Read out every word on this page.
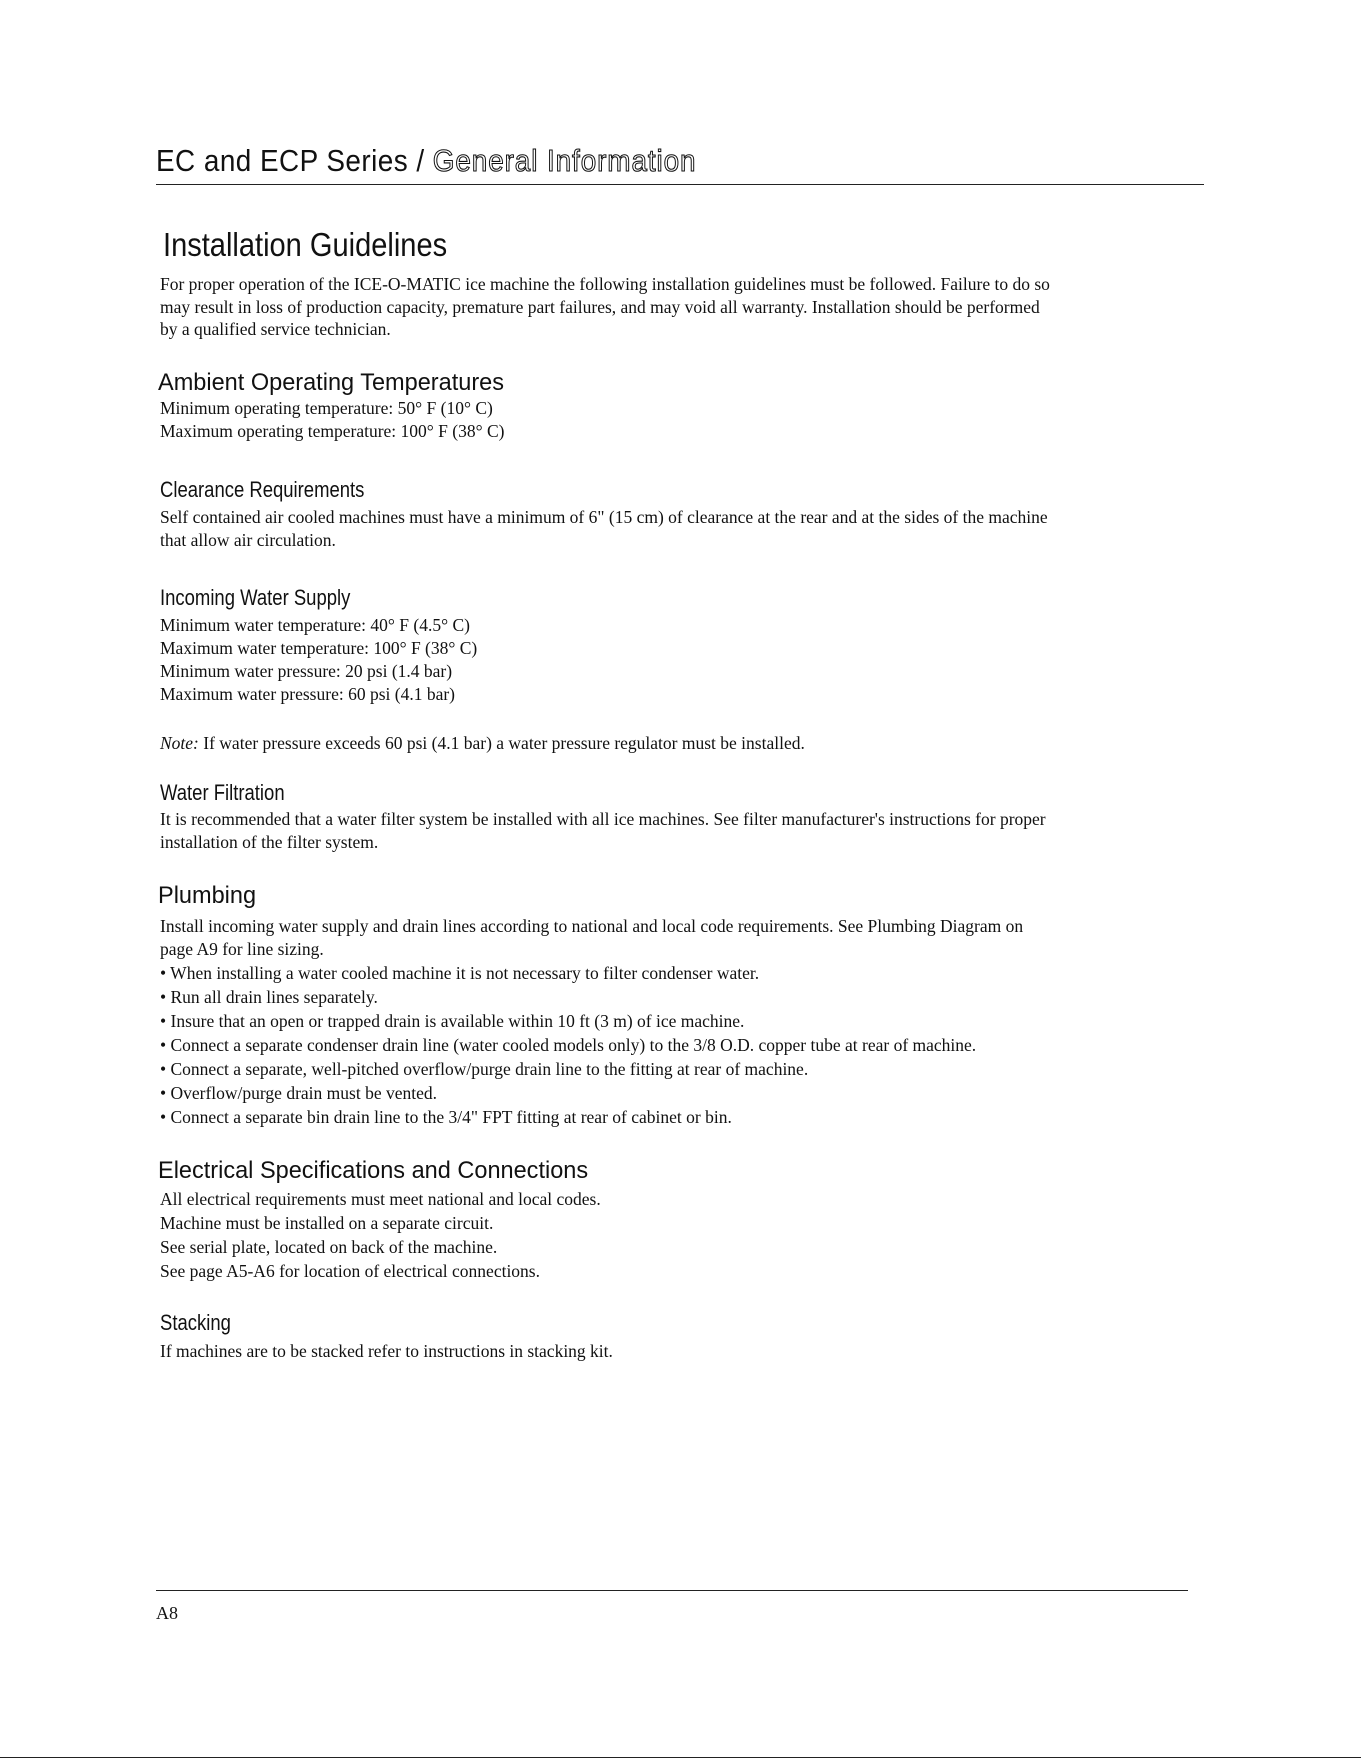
EC and ECP Series / General Information
Installation Guidelines
For proper operation of the ICE-O-MATIC ice machine the following installation guidelines must be followed. Failure to do so
may result in loss of production capacity, premature part failures, and may void all warranty. Installation should be performed
by a qualified service technician.
Ambient Operating Temperatures
Minimum operating temperature: 50° F (10° C)
Maximum operating temperature: 100° F (38° C)
Clearance Requirements
Self contained air cooled machines must have a minimum of 6" (15 cm) of clearance at the rear and at the sides of the machine
that allow air circulation.
Incoming Water Supply
Minimum water temperature: 40° F (4.5° C)
Maximum water temperature: 100° F (38° C)
Minimum water pressure: 20 psi (1.4 bar)
Maximum water pressure: 60 psi (4.1 bar)
Note: If water pressure exceeds 60 psi (4.1 bar) a water pressure regulator must be installed.
Water Filtration
It is recommended that a water filter system be installed with all ice machines. See filter manufacturer's instructions for proper
installation of the filter system.
Plumbing
Install incoming water supply and drain lines according to national and local code requirements. See Plumbing Diagram on
page A9 for line sizing.
• When installing a water cooled machine it is not necessary to filter condenser water.
• Run all drain lines separately.
• Insure that an open or trapped drain is available within 10 ft (3 m) of ice machine.
• Connect a separate condenser drain line (water cooled models only) to the 3/8 O.D. copper tube at rear of machine.
• Connect a separate, well-pitched overflow/purge drain line to the fitting at rear of machine.
• Overflow/purge drain must be vented.
• Connect a separate bin drain line to the 3/4" FPT fitting at rear of cabinet or bin.
Electrical Specifications and Connections
All electrical requirements must meet national and local codes.
Machine must be installed on a separate circuit.
See serial plate, located on back of the machine.
See page A5-A6 for location of electrical connections.
Stacking
If machines are to be stacked refer to instructions in stacking kit.
A8
